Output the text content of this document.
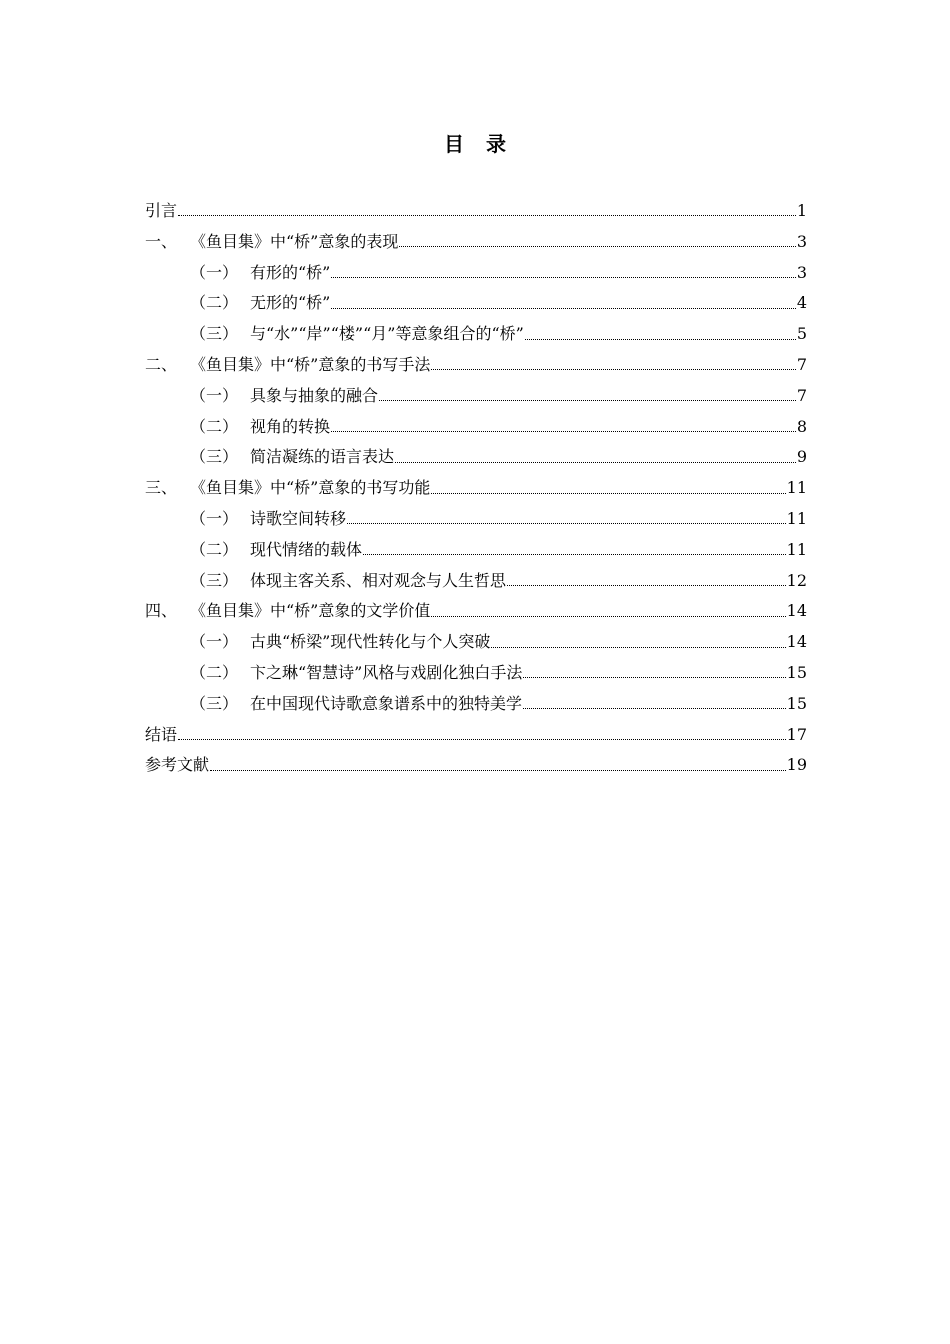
目录
引言	1
一、 《鱼目集》中“桥”意象的表现	3
（一） 有形的“桥”	3
（二） 无形的“桥”	4
（三） 与“水”“岸”“楼”“月”等意象组合的“桥”	5
二、 《鱼目集》中“桥”意象的书写手法	7
（一） 具象与抽象的融合	7
（二） 视角的转换	8
（三） 简洁凝练的语言表达	9
三、 《鱼目集》中“桥”意象的书写功能	11
（一） 诗歌空间转移	11
（二） 现代情绪的载体	11
（三） 体现主客关系、相对观念与人生哲思	12
四、 《鱼目集》中“桥”意象的文学价值	14
（一） 古典“桥梁”现代性转化与个人突破	14
（二） 卞之琳“智慧诗”风格与戏剧化独白手法	15
（三） 在中国现代诗歌意象谱系中的独特美学	15
结语	17
参考文献	19
